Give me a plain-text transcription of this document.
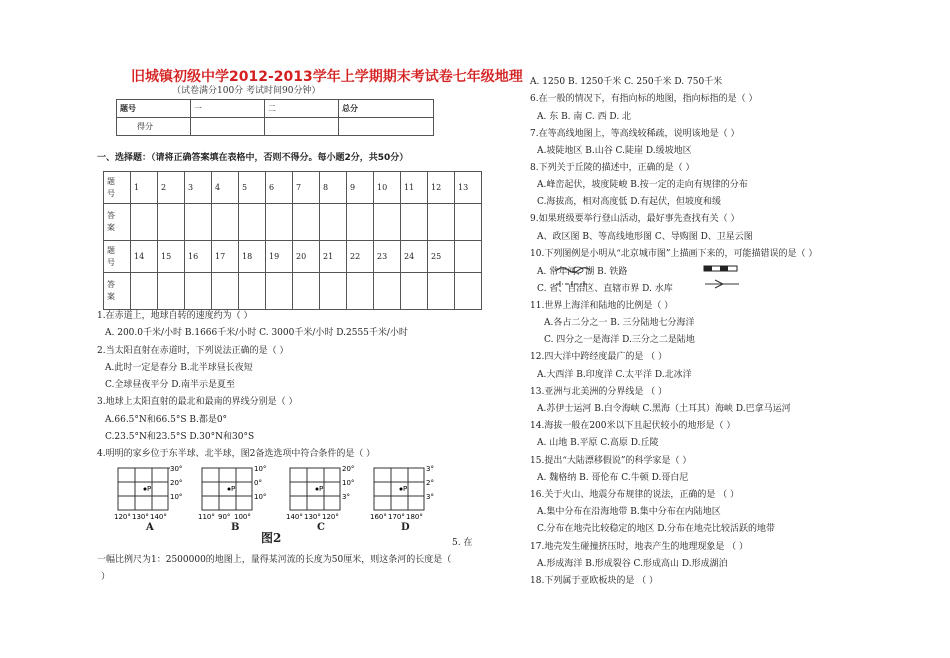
旧城镇初级中学2012-2013学年上学期期末考试卷七年级地理
（试卷满分100分 考试时间90分钟）
题号	一	二	总分
得分			
一、选择题：（请将正确答案填在表格中，否则不得分。每小题2分，共50分）
题
号	1	2	3	4	5	6	7	8	9	10	11	12	13
答
案													
题
号	14	15	16	17	18	19	20	21	22	23	24	25	
答
案													
1.在赤道上，地球自转的速度约为（ ）
A. 200.0千米/小时 B.1666千米/小时 C. 3000千米/小时 D.2555千米/小时
2.当太阳直射在赤道时，下列说法正确的是（ ）
A.此时一定是春分 B.北半球昼长夜短
C.全球昼夜平分 D.南半示是夏至
3.地球上太阳直射的最北和最南的界线分别是（ ）
A.66.5°N和66.5°S B.都是0°
C.23.5°N和23.5°S D.30°N和30°S
4.明明的家乡位于东半球、北半球，图2备选选项中符合条件的是（ ）
P
30°
20°
10°
120° 130° 140°
P
10°
0°
10°
110° 90° 100°
P
20°
10°
3°
140° 130° 120°
P
3°
2°
3°
160° 170° 180°
A	B
图2
C	D
5. 在
一幅比例尺为1：2500000的地图上，量得某河流的长度为50厘米，则这条河的长度是（
）
A. 1250 B. 1250千米 C. 250千米 D. 750千米
6.在一般的情况下，有指向标的地图，指向标指的是（ ）
A. 东 B. 南 C. 西 D. 北
7.在等高线地图上，等高线较稀疏，说明该地是（ ）
A.坡陡地区 B.山谷 C.陡崖 D.缓坡地区
8.下列关于丘陵的描述中，正确的是（ ）
A.峰峦起伏，坡度陡峻 B.按一定的走向有规律的分布
C.海拔高，相对高度低 D.有起伏，但坡度和缓
9.如果班级要举行登山活动，最好事先查找有关（ ）
A、政区图 B、等高线地形图 C、导购图 D、卫星云图
10.下列图例是小明从“北京城市图”上描画下来的，可能描错误的是（ ）
A. 常年河、湖 B. 铁路
C. 省、自治区、直辖市界 D. 水库
11.世界上海洋和陆地的比例是（ ）
A.各占二分之一 B. 三分陆地七分海洋
C. 四分之一是海洋 D.三分之二是陆地
12.四大洋中跨经度最广的是 （ ）
A.大西洋 B.印度洋 C.太平洋 D.北冰洋
13.亚洲与北美洲的分界线是 （ ）
A.苏伊士运河 B.白令海峡 C.黑海（土耳其）海峡 D.巴拿马运河
14.海拔一般在200米以下且起伏较小的地形是（ ）
A. 山地 B.平原 C.高原 D.丘陵
15.提出“大陆漂移假说”的科学家是（ ）
A. 魏格纳 B. 哥伦布 C.牛顿 D.哥白尼
16.关于火山、地震分布规律的说法，正确的是 （ ）
A.集中分布在沿海地带 B.集中分布在内陆地区
C.分布在地壳比较稳定的地区 D.分布在地壳比较活跃的地带
17.地壳发生碰撞挤压时，地表产生的地理现象是 （ ）
A.形成海洋 B.形成裂谷 C.形成高山 D.形成湖泊
18.下列属于亚欧板块的是 （ ）
